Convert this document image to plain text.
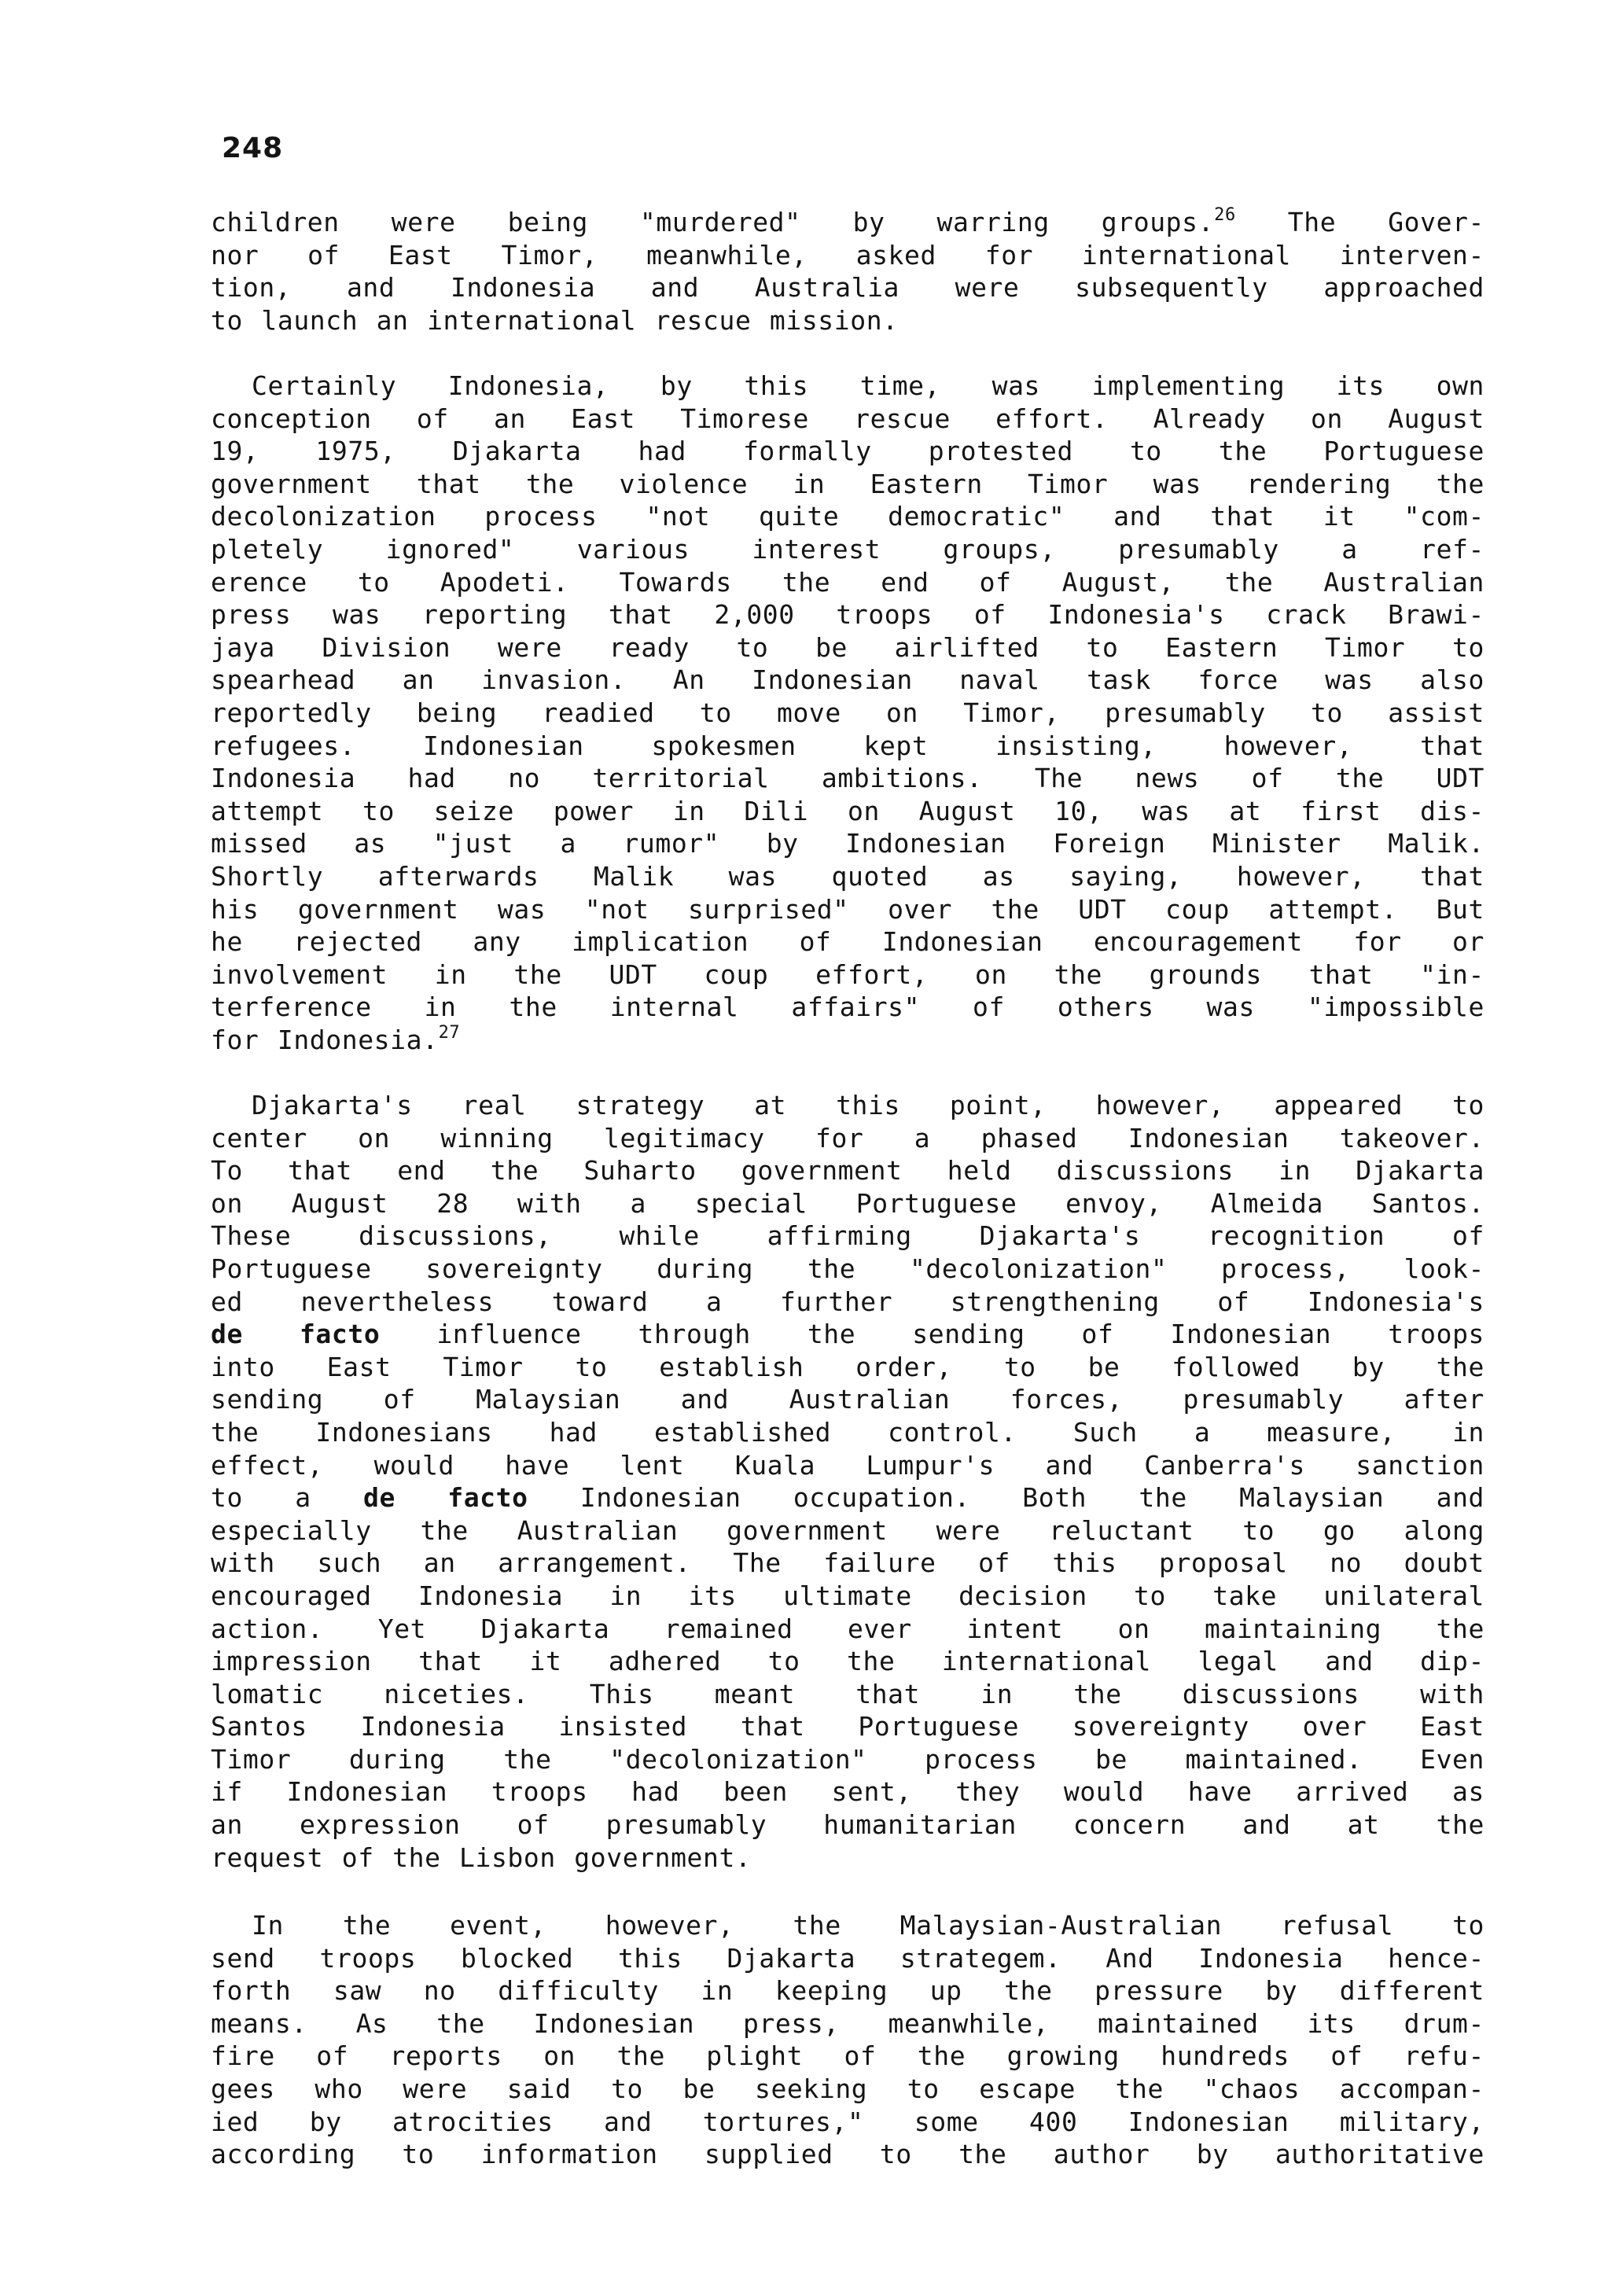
248
children were being "murdered" by warring groups.$^{26}$ The Gover-
nor of East Timor, meanwhile, asked for international interven-
tion, and Indonesia and Australia were subsequently approached
to launch an international rescue mission.
Certainly Indonesia, by this time, was implementing its own
conception of an East Timorese rescue effort. Already on August
19, 1975, Djakarta had formally protested to the Portuguese
government that the violence in Eastern Timor was rendering the
decolonization process "not quite democratic" and that it "com-
pletely ignored" various interest groups, presumably a ref-
erence to Apodeti. Towards the end of August, the Australian
press was reporting that 2,000 troops of Indonesia's crack Brawi-
jaya Division were ready to be airlifted to Eastern Timor to
spearhead an invasion. An Indonesian naval task force was also
reportedly being readied to move on Timor, presumably to assist
refugees. Indonesian spokesmen kept insisting, however, that
Indonesia had no territorial ambitions. The news of the UDT
attempt to seize power in Dili on August 10, was at first dis-
missed as "just a rumor" by Indonesian Foreign Minister Malik.
Shortly afterwards Malik was quoted as saying, however, that
his government was "not surprised" over the UDT coup attempt. But
he rejected any implication of Indonesian encouragement for or
involvement in the UDT coup effort, on the grounds that "in-
terference in the internal affairs" of others was "impossible
for Indonesia.$^{27}$
Djakarta's real strategy at this point, however, appeared to
center on winning legitimacy for a phased Indonesian takeover.
To that end the Suharto government held discussions in Djakarta
on August 28 with a special Portuguese envoy, Almeida Santos.
These discussions, while affirming Djakarta's recognition of
Portuguese sovereignty during the "decolonization" process, look-
ed nevertheless toward a further strengthening of Indonesia's
de facto influence through the sending of Indonesian troops
into East Timor to establish order, to be followed by the
sending of Malaysian and Australian forces, presumably after
the Indonesians had established control. Such a measure, in
effect, would have lent Kuala Lumpur's and Canberra's sanction
to a de facto Indonesian occupation. Both the Malaysian and
especially the Australian government were reluctant to go along
with such an arrangement. The failure of this proposal no doubt
encouraged Indonesia in its ultimate decision to take unilateral
action. Yet Djakarta remained ever intent on maintaining the
impression that it adhered to the international legal and dip-
lomatic niceties. This meant that in the discussions with
Santos Indonesia insisted that Portuguese sovereignty over East
Timor during the "decolonization" process be maintained. Even
if Indonesian troops had been sent, they would have arrived as
an expression of presumably humanitarian concern and at the
request of the Lisbon government.
In the event, however, the Malaysian-Australian refusal to
send troops blocked this Djakarta strategem. And Indonesia hence-
forth saw no difficulty in keeping up the pressure by different
means. As the Indonesian press, meanwhile, maintained its drum-
fire of reports on the plight of the growing hundreds of refu-
gees who were said to be seeking to escape the "chaos accompan-
ied by atrocities and tortures," some 400 Indonesian military,
according to information supplied to the author by authoritative
